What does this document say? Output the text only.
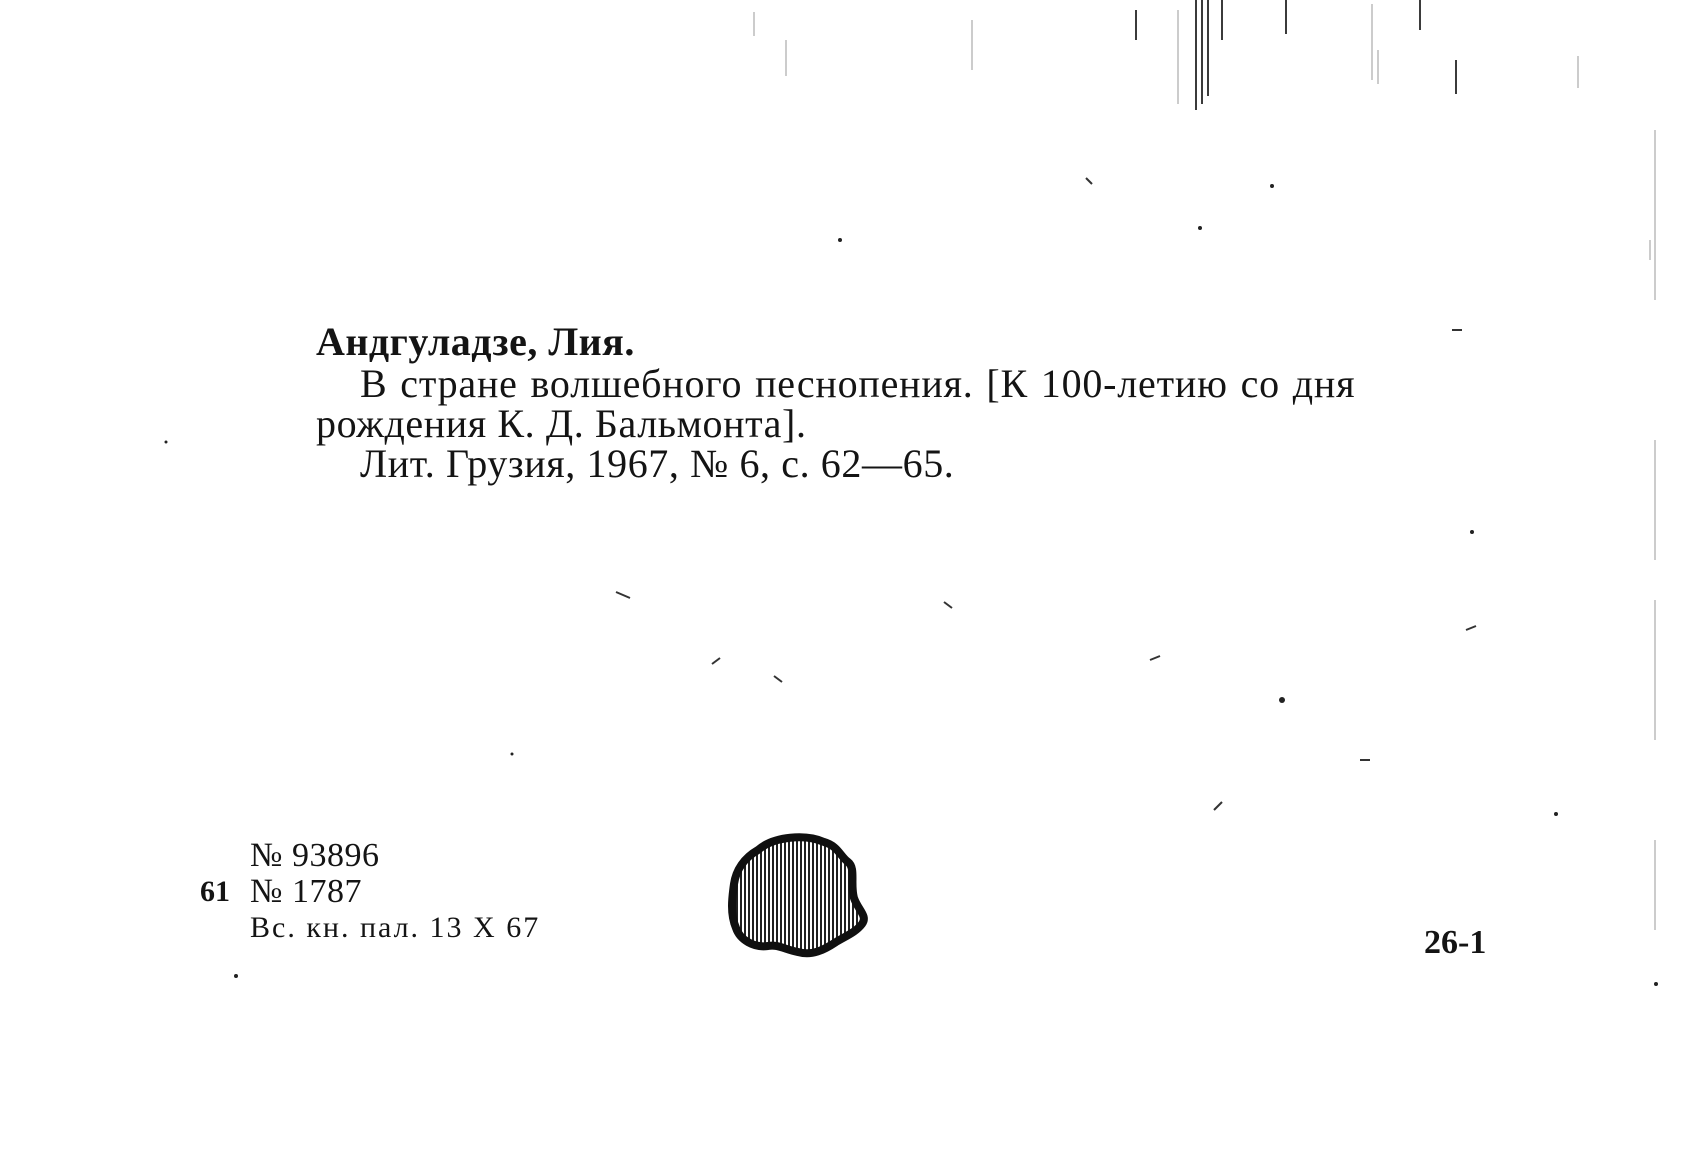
Андгуладзе, Лия.

В стране волшебного песнопения. [К 100-летию со дня

рождения К. Д. Бальмонта].

Лит. Грузия, 1967, № 6, с. 62—65.

№ 93896
61 № 1787
Вс. кн. пал. 13 X 67	26-1
